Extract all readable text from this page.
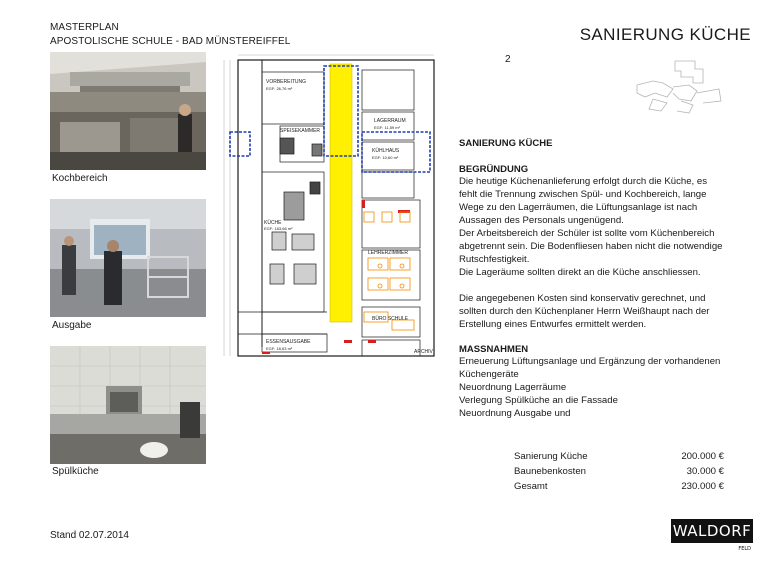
MASTERPLAN
APOSTOLISCHE SCHULE - BAD MÜNSTEREIFFEL	SANIERUNG KÜCHE
2
Kochbereich
Ausgabe
Spülküche
VORBEREITUNG
EGF: 26,76 m²
SPEISEKAMMER
KÜCHE
EGF: 183,66 m²
ESSENSAUSGABE
EGF: 18,63 m²
LAGERRAUM
EGF: 11,59 m²
KÜHLHAUS
EGF: 10,60 m²
LEHRERZIMMER
BÜRO SCHULE
ARCHIV
SANIERUNG KÜCHE
BEGRÜNDUNG

Die heutige Küchenanlieferung erfolgt durch die Küche, es

fehlt die Trennung zwischen Spül- und Kochbereich, lange

Wege zu den Lagerräumen, die Lüftungsanlage ist nach

Aussagen des Personals ungenügend.

Der Arbeitsbereich der Schüler ist sollte vom Küchenbereich

abgetrennt sein. Die Bodenfliesen haben nicht die notwendige

Rutschfestigkeit.

Die Lageräume sollten direkt an die Küche anschliessen.

Die angegebenen Kosten sind konservativ gerechnet, und

sollten durch den Küchenplaner Herrn Weißhaupt nach der

Erstellung eines Entwurfes ermittelt werden.

MASSNAHMEN

Erneuerung Lüftungsanlage und Ergänzung der vorhandenen

Küchengeräte

Neuordnung Lagerräume

Verlegung Spülküche an die Fassade

Neuordnung Ausgabe und

Sanierung Küche	200.000 €
Baunebenkosten	30.000 €
Gesamt	230.000 €
Stand 02.07.2014	WALDORF
FELD
